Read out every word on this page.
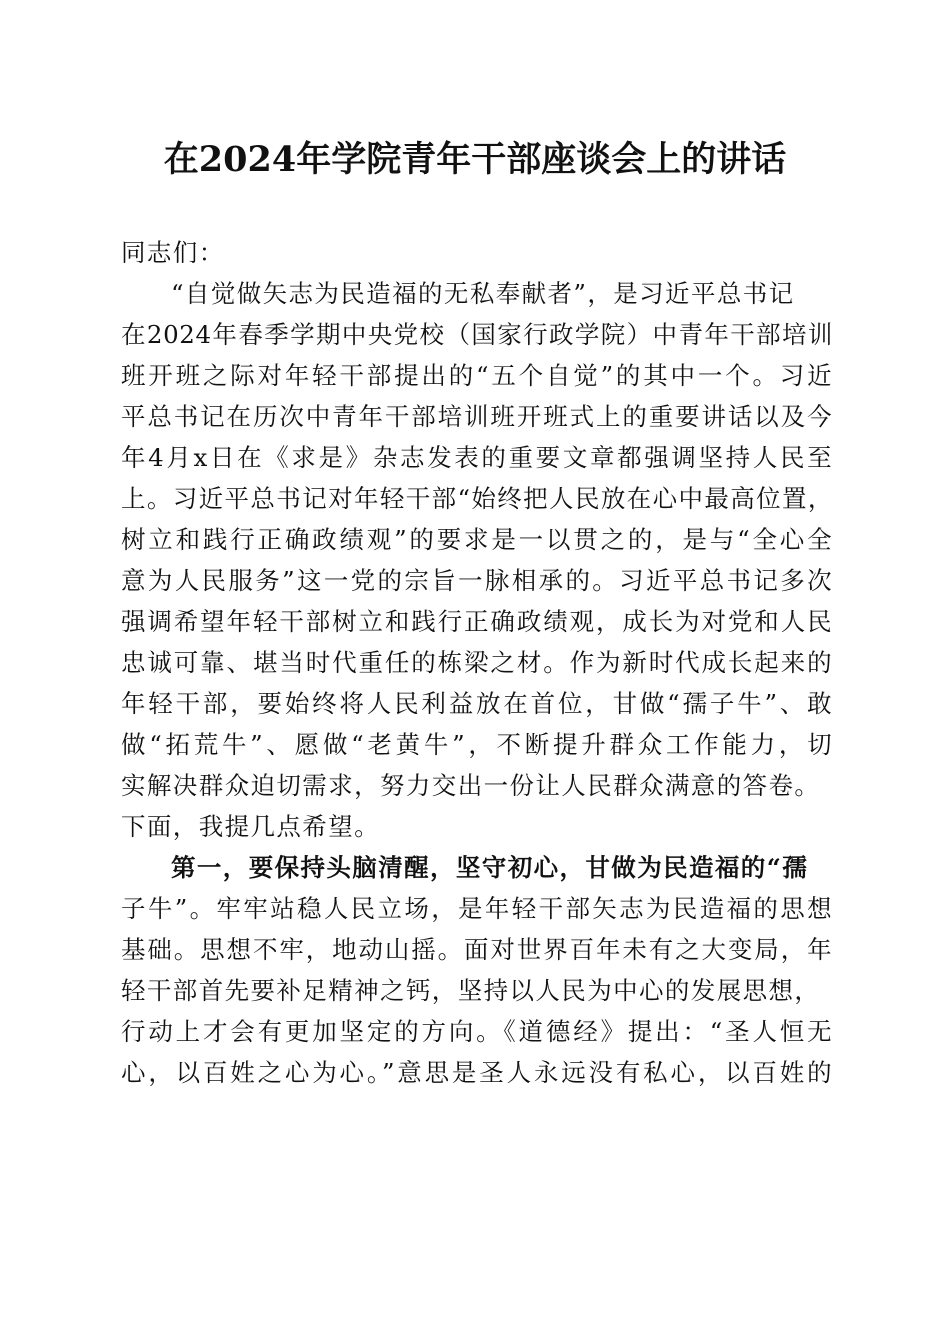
在2024年学院青年干部座谈会上的讲话
同志们：
“自觉做矢志为民造福的无私奉献者”，是习近平总书记
在2024年春季学期中央党校（国家行政学院）中青年干部培训
班开班之际对年轻干部提出的“五个自觉”的其中一个。习近
平总书记在历次中青年干部培训班开班式上的重要讲话以及今
年4月x日在《求是》杂志发表的重要文章都强调坚持人民至
上。习近平总书记对年轻干部“始终把人民放在心中最高位置，
树立和践行正确政绩观”的要求是一以贯之的，是与“全心全
意为人民服务”这一党的宗旨一脉相承的。习近平总书记多次
强调希望年轻干部树立和践行正确政绩观，成长为对党和人民
忠诚可靠、堪当时代重任的栋梁之材。作为新时代成长起来的
年轻干部，要始终将人民利益放在首位，甘做“孺子牛”、敢
做“拓荒牛”、愿做“老黄牛”，不断提升群众工作能力，切
实解决群众迫切需求，努力交出一份让人民群众满意的答卷。
下面，我提几点希望。
第一，要保持头脑清醒，坚守初心，甘做为民造福的“孺
子牛”。牢牢站稳人民立场，是年轻干部矢志为民造福的思想
基础。思想不牢，地动山摇。面对世界百年未有之大变局，年
轻干部首先要补足精神之钙，坚持以人民为中心的发展思想，
行动上才会有更加坚定的方向。《道德经》提出：“圣人恒无
心，以百姓之心为心。”意思是圣人永远没有私心，以百姓的
